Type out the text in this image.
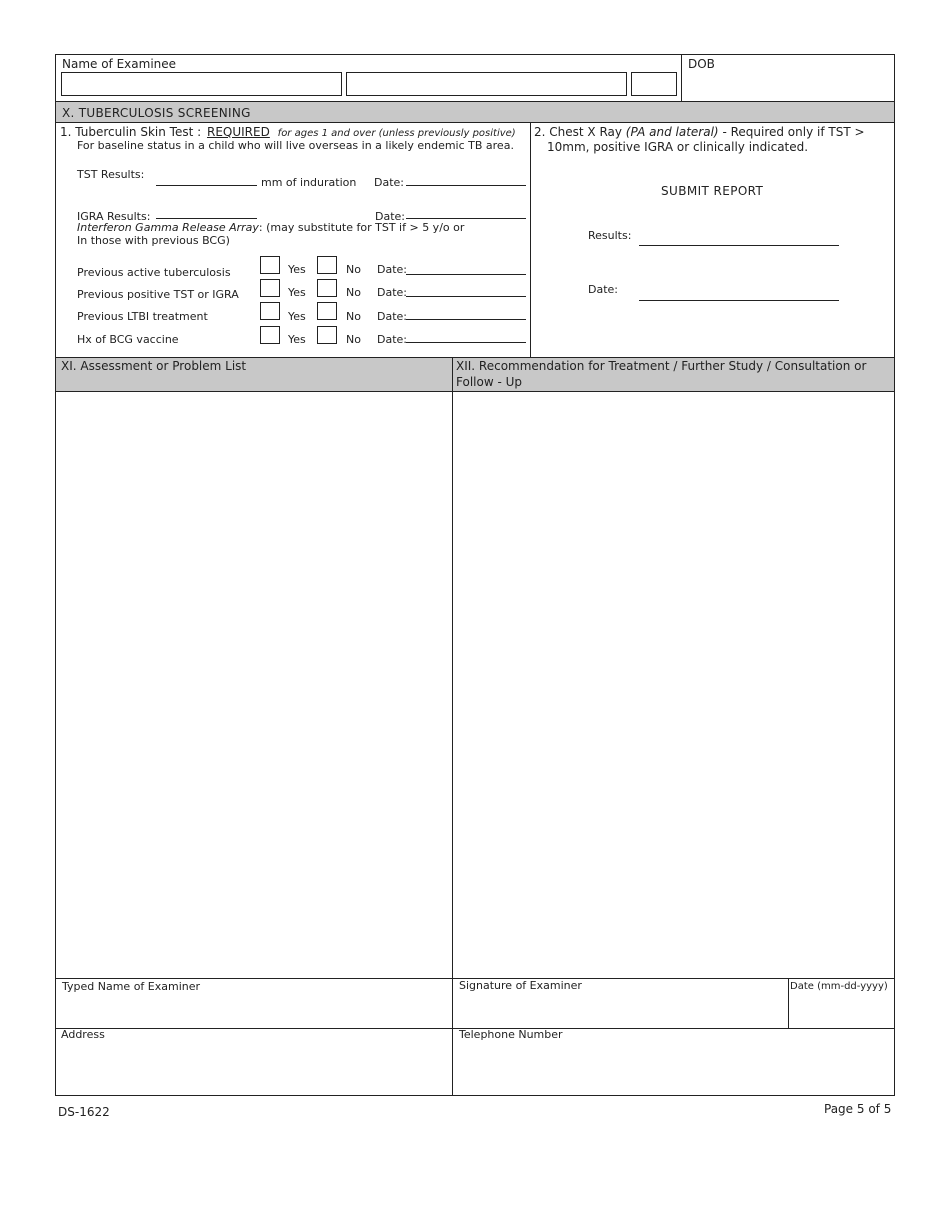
Name of Examinee	DOB
X. TUBERCULOSIS SCREENING
1. Tuberculin Skin Test : REQUIRED for ages 1 and over (unless previously positive)
For baseline status in a child who will live overseas in a likely endemic TB area.
TST Results:
mm of induration Date:
IGRA Results:	Date:
Interferon Gamma Release Array: (may substitute for TST if > 5 y/o or
In those with previous BCG)
Previous active tuberculosis	Yes	No Date:
Previous positive TST or IGRA	Yes	No Date:
Previous LTBI treatment	Yes	No Date:
Hx of BCG vaccine	Yes	No Date:
2. Chest X Ray (PA and lateral) - Required only if TST >
10mm, positive IGRA or clinically indicated.
SUBMIT REPORT
Results:
Date:
XI. Assessment or Problem List	XII. Recommendation for Treatment / Further Study / Consultation or
Follow - Up
Typed Name of Examiner	Signature of Examiner	Date (mm-dd-yyyy)
Address	Telephone Number
DS-1622	Page 5 of 5
